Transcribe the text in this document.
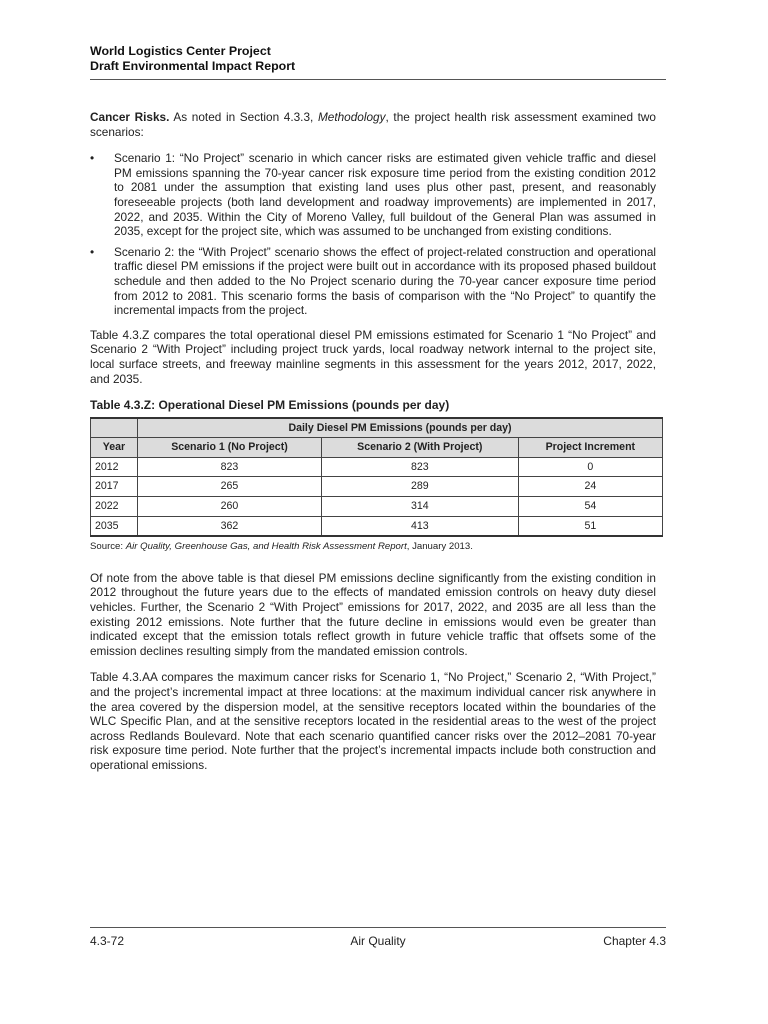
World Logistics Center Project
Draft Environmental Impact Report

Cancer Risks. As noted in Section 4.3.3, Methodology, the project health risk assessment examined two scenarios:

• Scenario 1: “No Project” scenario in which cancer risks are estimated given vehicle traffic and diesel PM emissions spanning the 70-year cancer risk exposure time period from the existing condition 2012 to 2081 under the assumption that existing land uses plus other past, present, and reasonably foreseeable projects (both land development and roadway improvements) are implemented in 2017, 2022, and 2035. Within the City of Moreno Valley, full buildout of the General Plan was assumed in 2035, except for the project site, which was assumed to be unchanged from existing conditions.
• Scenario 2: the “With Project” scenario shows the effect of project-related construction and operational traffic diesel PM emissions if the project were built out in accordance with its proposed phased buildout schedule and then added to the No Project scenario during the 70-year cancer exposure time period from 2012 to 2081. This scenario forms the basis of comparison with the “No Project” to quantify the incremental impacts from the project.

Table 4.3.Z compares the total operational diesel PM emissions estimated for Scenario 1 “No Project” and Scenario 2 “With Project” including project truck yards, local roadway network internal to the project site, local surface streets, and freeway mainline segments in this assessment for the years 2012, 2017, 2022, and 2035.

Table 4.3.Z: Operational Diesel PM Emissions (pounds per day)
	Daily Diesel PM Emissions (pounds per day)		
Year	Scenario 1 (No Project)	Scenario 2 (With Project)	Project Increment
2012	823	823	0
2017	265	289	24
2022	260	314	54
2035	362	413	51
Source: Air Quality, Greenhouse Gas, and Health Risk Assessment Report, January 2013.

Of note from the above table is that diesel PM emissions decline significantly from the existing condition in 2012 throughout the future years due to the effects of mandated emission controls on heavy duty diesel vehicles. Further, the Scenario 2 “With Project” emissions for 2017, 2022, and 2035 are all less than the existing 2012 emissions. Note further that the future decline in emissions would even be greater than indicated except that the emission totals reflect growth in future vehicle traffic that offsets some of the emission declines resulting simply from the mandated emission controls.

Table 4.3.AA compares the maximum cancer risks for Scenario 1, “No Project,” Scenario 2, “With Project,” and the project’s incremental impact at three locations: at the maximum individual cancer risk anywhere in the area covered by the dispersion model, at the sensitive receptors located within the boundaries of the WLC Specific Plan, and at the sensitive receptors located in the residential areas to the west of the project across Redlands Boulevard. Note that each scenario quantified cancer risks over the 2012–2081 70-year risk exposure time period. Note further that the project’s incremental impacts include both construction and operational emissions.

4.3-72	Air Quality	Chapter 4.3
